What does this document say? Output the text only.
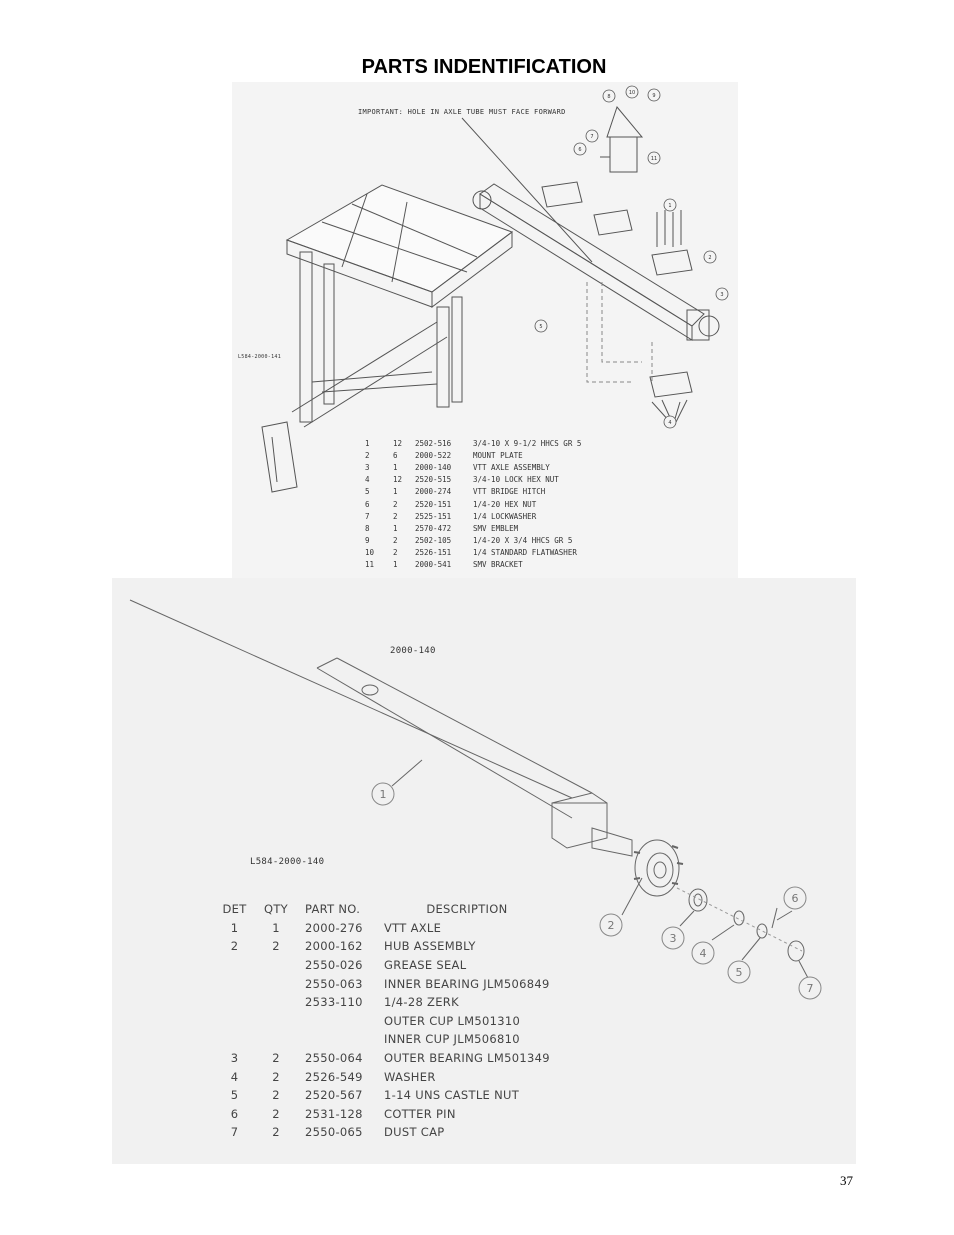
PARTS INDENTIFICATION
10
8	9
7
6
11
1
2
3
5
4
IMPORTANT: HOLE IN AXLE TUBE MUST FACE FORWARD
L584-2000-141
1	12	2502-516	3/4-10 X 9-1/2 HHCS GR 5
2	6	2000-522	MOUNT PLATE
3	1	2000-140	VTT AXLE ASSEMBLY
4	12	2520-515	3/4-10 LOCK HEX NUT
5	1	2000-274	VTT BRIDGE HITCH
6	2	2520-151	1/4-20 HEX NUT
7	2	2525-151	1/4 LOCKWASHER
8	1	2570-472	SMV EMBLEM
9	2	2502-105	1/4-20 X 3/4 HHCS GR 5
10	2	2526-151	1/4 STANDARD FLATWASHER
11	1	2000-541	SMV BRACKET
1
2
3
4
5
6
7
2000-140
L584-2000-140
DET	QTY	PART NO.	DESCRIPTION
1	1	2000-276	VTT AXLE
2	2	2000-162	HUB ASSEMBLY
		2550-026	GREASE SEAL
		2550-063	INNER BEARING JLM506849
		2533-110	1/4-28 ZERK
			OUTER CUP LM501310
			INNER CUP JLM506810
3	2	2550-064	OUTER BEARING LM501349
4	2	2526-549	WASHER
5	2	2520-567	1-14 UNS CASTLE NUT
6	2	2531-128	COTTER PIN
7	2	2550-065	DUST CAP
37
